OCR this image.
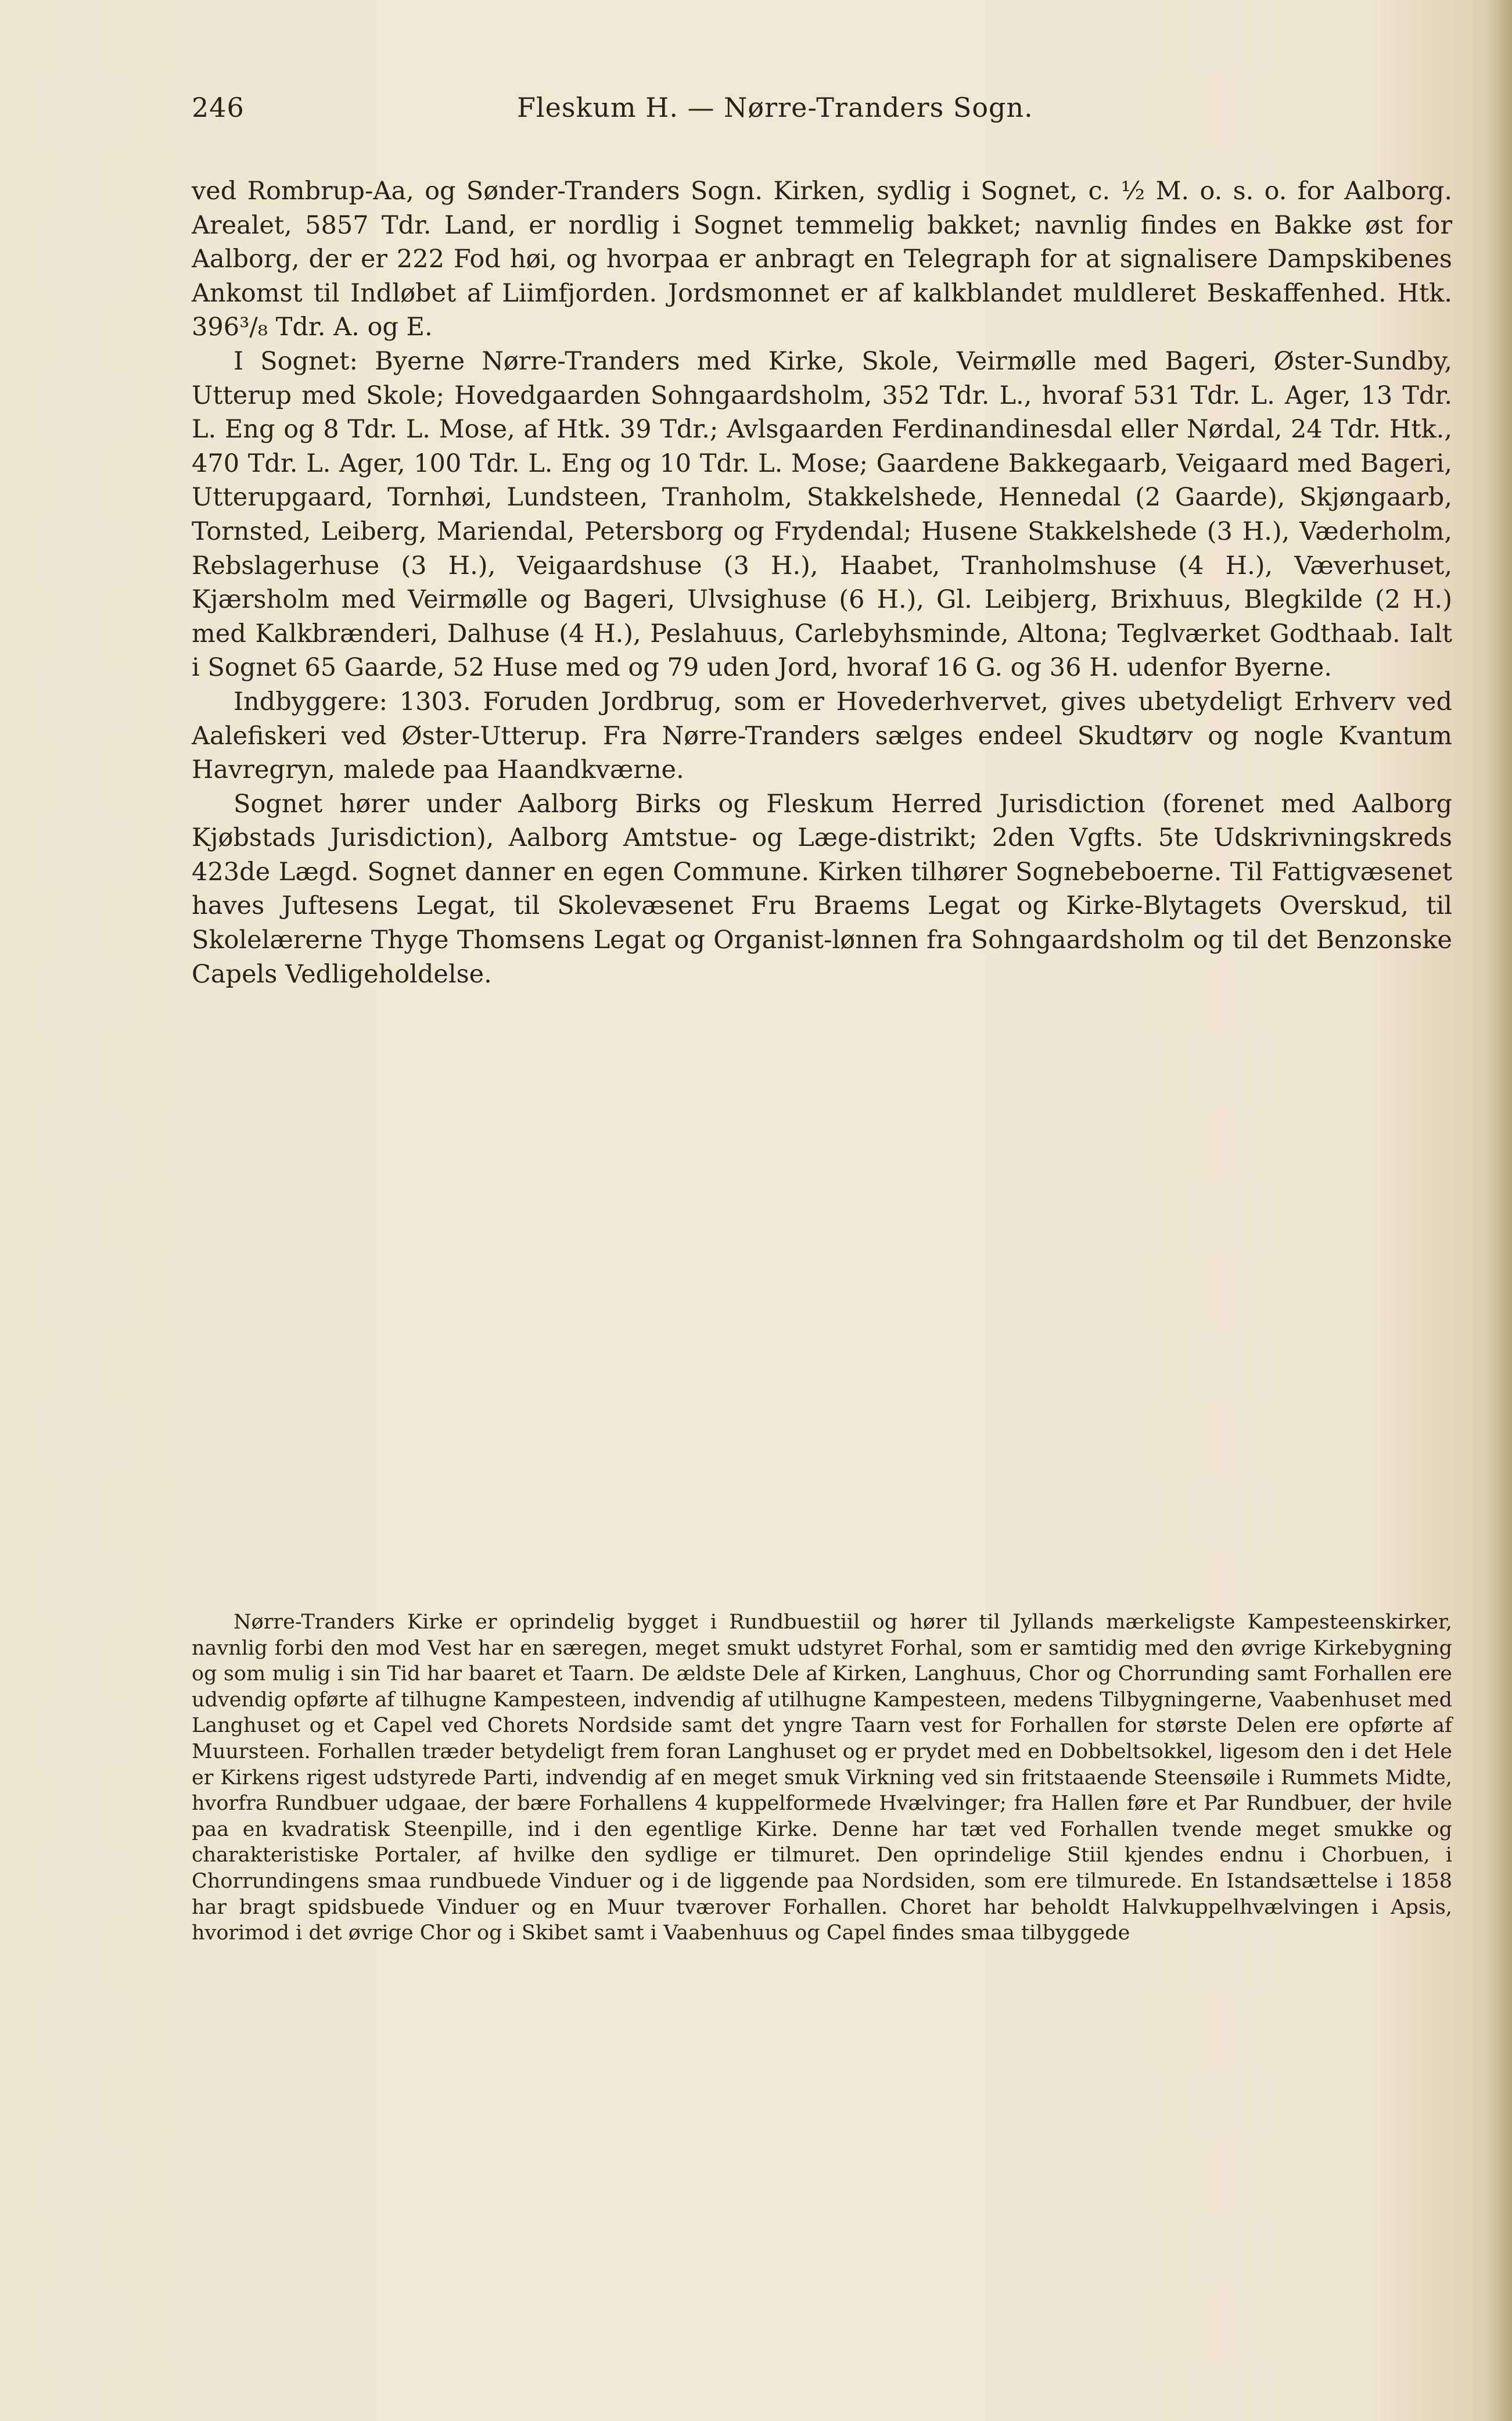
246	Fleskum H. — Nørre-Tranders Sogn.

ved Rombrup-Aa, og Sønder-Tranders Sogn. Kirken, sydlig i Sognet, c. ½ M. o. s. o. for Aalborg. Arealet, 5857 Tdr. Land, er nordlig i Sognet temmelig bakket; navnlig findes en Bakke øst for Aalborg, der er 222 Fod høi, og hvorpaa er anbragt en Telegraph for at signalisere Dampskibenes Ankomst til Indløbet af Liimfjorden. Jordsmonnet er af kalkblandet muldleret Beskaffenhed. Htk. 396³/₈ Tdr. A. og E.

I Sognet: Byerne Nørre-Tranders med Kirke, Skole, Veirmølle med Bageri, Øster-Sundby, Utterup med Skole; Hovedgaarden Sohngaardsholm, 352 Tdr. L., hvoraf 531 Tdr. L. Ager, 13 Tdr. L. Eng og 8 Tdr. L. Mose, af Htk. 39 Tdr.; Avlsgaarden Ferdinandinesdal eller Nørdal, 24 Tdr. Htk., 470 Tdr. L. Ager, 100 Tdr. L. Eng og 10 Tdr. L. Mose; Gaardene Bakkegaarb, Veigaard med Bageri, Utterupgaard, Tornhøi, Lundsteen, Tranholm, Stakkelshede, Hennedal (2 Gaarde), Skjøngaarb, Tornsted, Leiberg, Mariendal, Petersborg og Frydendal; Husene Stakkelshede (3 H.), Væderholm, Rebslagerhuse (3 H.), Veigaardshuse (3 H.), Haabet, Tranholmshuse (4 H.), Væverhuset, Kjærsholm med Veirmølle og Bageri, Ulvsighuse (6 H.), Gl. Leibjerg, Brixhuus, Blegkilde (2 H.) med Kalkbrænderi, Dalhuse (4 H.), Peslahuus, Carlebyhsminde, Altona; Teglværket Godthaab. Ialt i Sognet 65 Gaarde, 52 Huse med og 79 uden Jord, hvoraf 16 G. og 36 H. udenfor Byerne.

Indbyggere: 1303. Foruden Jordbrug, som er Hovederhvervet, gives ubetydeligt Erhverv ved Aalefiskeri ved Øster-Utterup. Fra Nørre-Tranders sælges endeel Skudtørv og nogle Kvantum Havregryn, malede paa Haandkværne.

Sognet hører under Aalborg Birks og Fleskum Herred Jurisdiction (forenet med Aalborg Kjøbstads Jurisdiction), Aalborg Amtstue- og Læge-distrikt; 2den Vgfts. 5te Udskrivningskreds 423de Lægd. Sognet danner en egen Commune. Kirken tilhører Sognebeboerne. Til Fattigvæsenet haves Juftesens Legat, til Skolevæsenet Fru Braems Legat og Kirke-Blytagets Overskud, til Skolelærerne Thyge Thomsens Legat og Organist-lønnen fra Sohngaardsholm og til det Benzonske Capels Vedligeholdelse.

Nørre-Tranders Kirke er oprindelig bygget i Rundbuestiil og hører til Jyllands mærkeligste Kampesteenskirker, navnlig forbi den mod Vest har en særegen, meget smukt udstyret Forhal, som er samtidig med den øvrige Kirkebygning og som mulig i sin Tid har baaret et Taarn. De ældste Dele af Kirken, Langhuus, Chor og Chorrunding samt Forhallen ere udvendig opførte af tilhugne Kampesteen, indvendig af utilhugne Kampesteen, medens Tilbygningerne, Vaabenhuset med Langhuset og et Capel ved Chorets Nordside samt det yngre Taarn vest for Forhallen for største Delen ere opførte af Muursteen. Forhallen træder betydeligt frem foran Langhuset og er prydet med en Dobbeltsokkel, ligesom den i det Hele er Kirkens rigest udstyrede Parti, indvendig af en meget smuk Virkning ved sin fritstaaende Steensøile i Rummets Midte, hvorfra Rundbuer udgaae, der bære Forhallens 4 kuppelformede Hvælvinger; fra Hallen føre et Par Rundbuer, der hvile paa en kvadratisk Steenpille, ind i den egentlige Kirke. Denne har tæt ved Forhallen tvende meget smukke og charakteristiske Portaler, af hvilke den sydlige er tilmuret. Den oprindelige Stiil kjendes endnu i Chorbuen, i Chorrundingens smaa rundbuede Vinduer og i de liggende paa Nordsiden, som ere tilmurede. En Istandsættelse i 1858 har bragt spidsbuede Vinduer og en Muur tværover Forhallen. Choret har beholdt Halvkuppelhvælvingen i Apsis, hvorimod i det øvrige Chor og i Skibet samt i Vaabenhuus og Capel findes smaa tilbyggede
